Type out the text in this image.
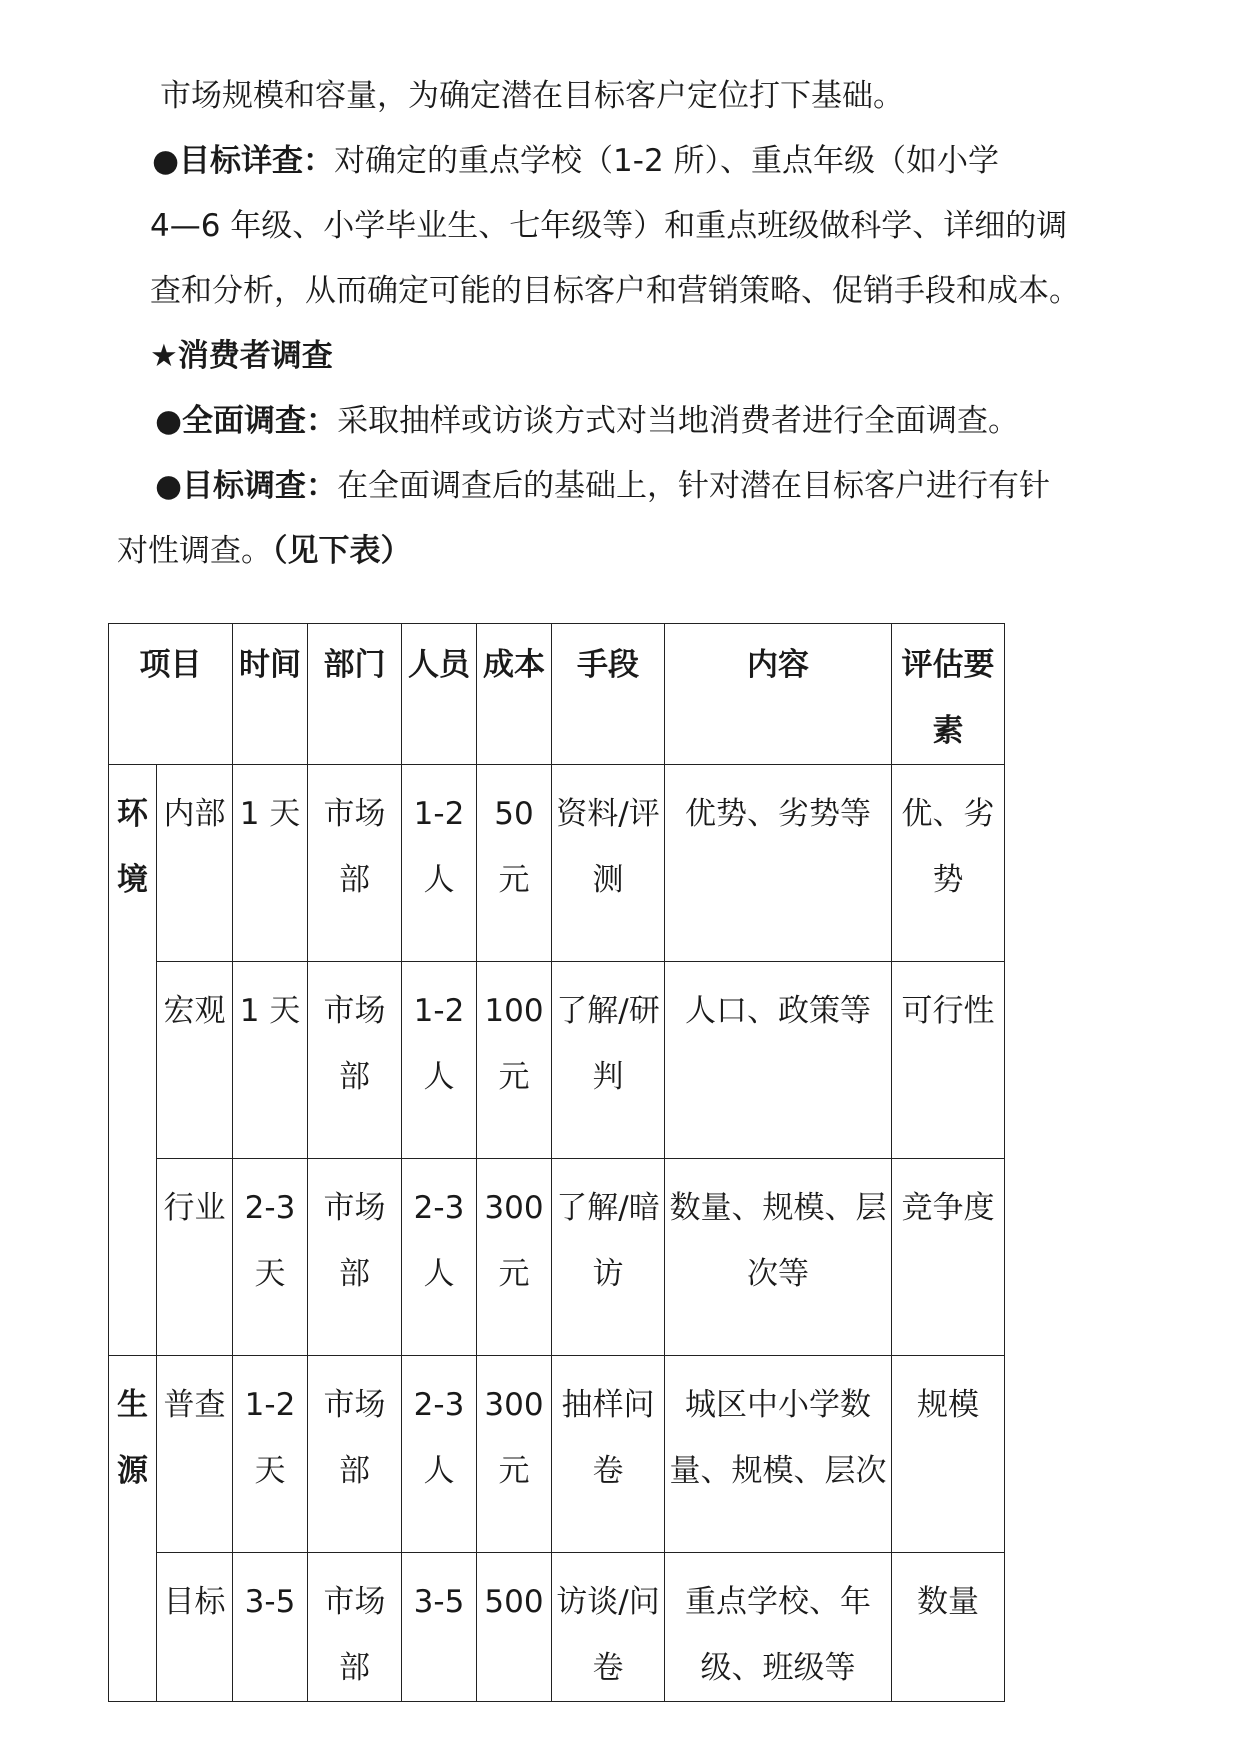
市场规模和容量，为确定潜在目标客户定位打下基础。
●目标详查：对确定的重点学校（1-2 所）、重点年级（如小学
4—6 年级、小学毕业生、七年级等）和重点班级做科学、详细的调
查和分析，从而确定可能的目标客户和营销策略、促销手段和成本。
★消费者调查
●全面调查：采取抽样或访谈方式对当地消费者进行全面调查。
●目标调查：在全面调查后的基础上，针对潜在目标客户进行有针
对性调查。（见下表）
项目		时间	部门	人员	成本	手段	内容	评估要素
环境	内部	1 天	市场部	1-2 人	50 元	资料/评测	优势、劣势等	优、劣势
	宏观	1 天	市场部	1-2 人	100 元	了解/研判	人口、政策等	可行性
	行业	2-3 天	市场部	2-3 人	300 元	了解/暗访	数量、规模、层次等	竞争度
生源	普查	1-2 天	市场部	2-3 人	300 元	抽样问卷	城区中小学数量、规模、层次	规模
	目标	3-5	市场部	3-5	500	访谈/问卷	重点学校、年级、班级等	数量
